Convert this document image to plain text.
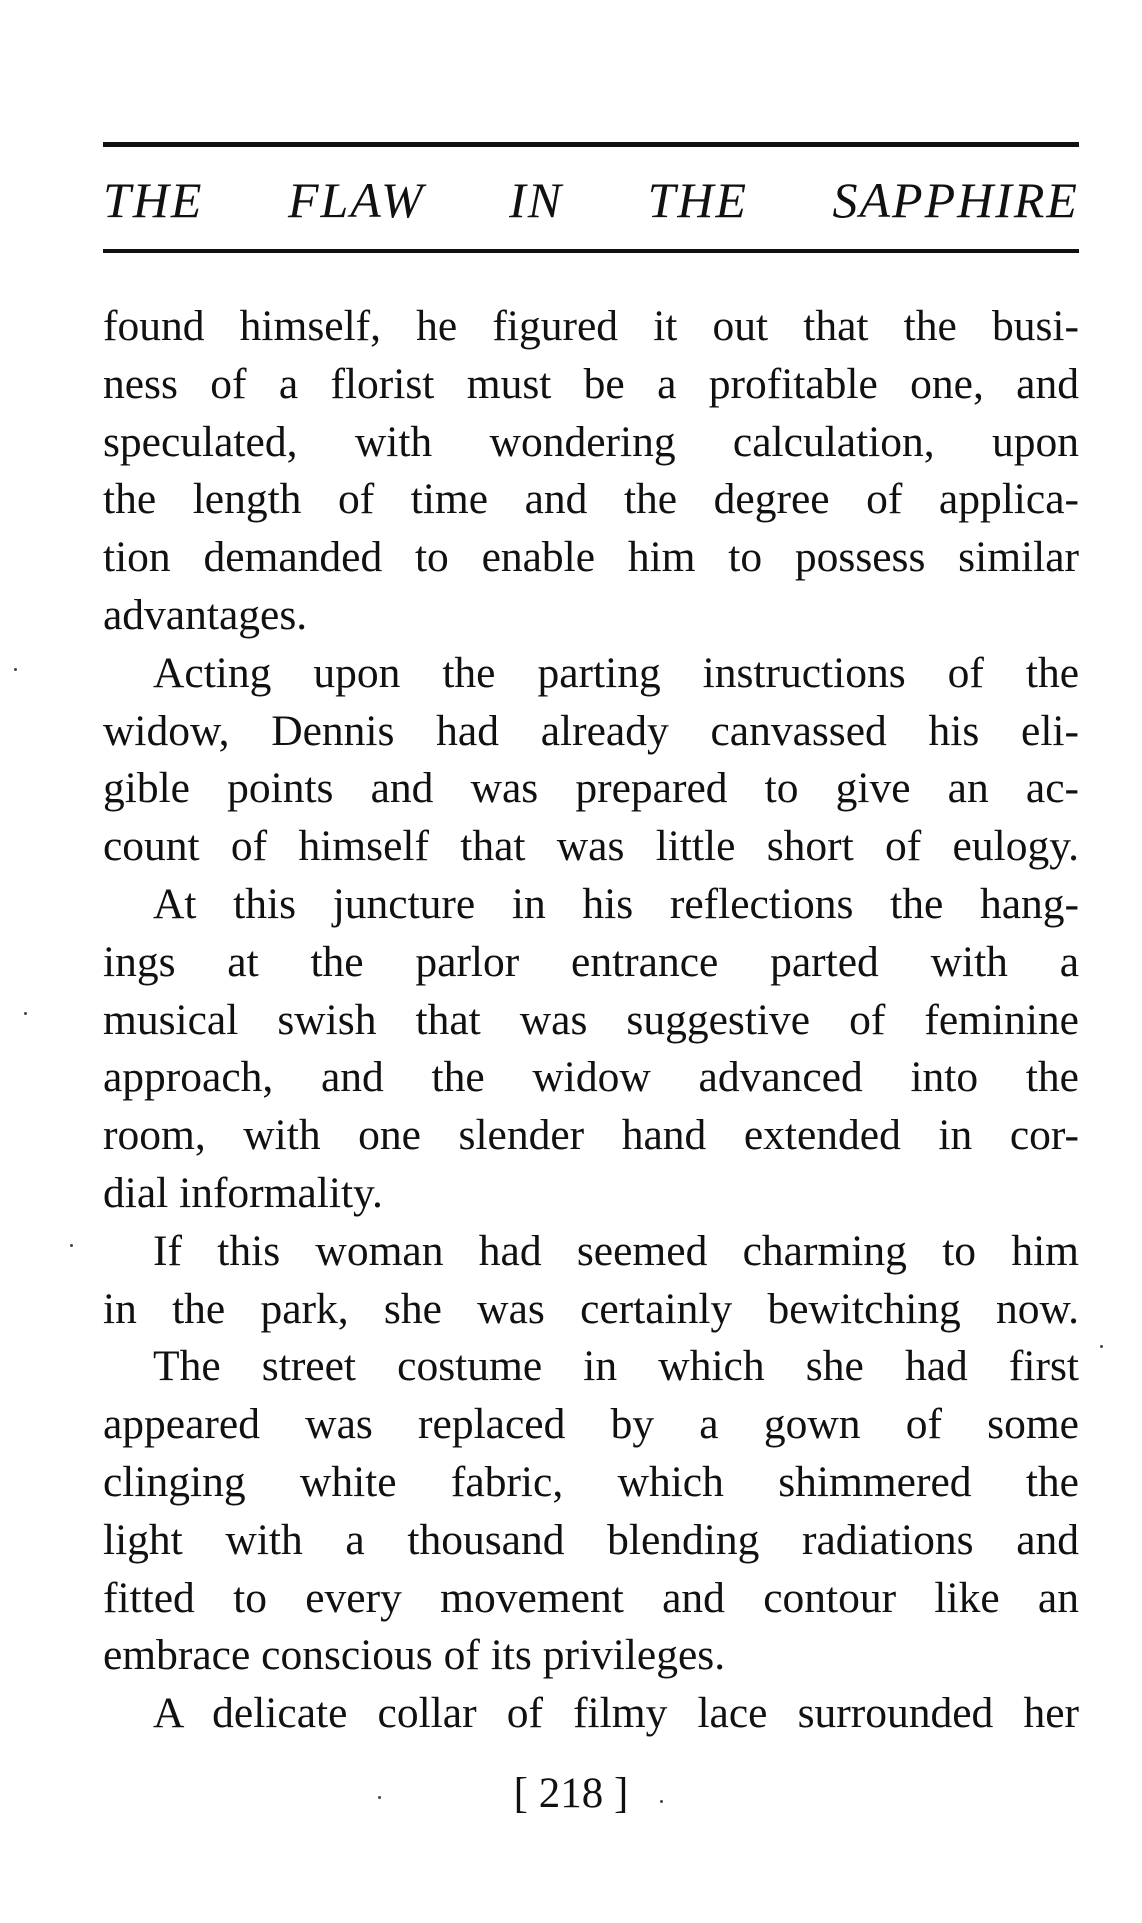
THE FLAW IN THE SAPPHIRE
found himself, he figured it out that the busi-
ness of a florist must be a profitable one, and
speculated, with wondering calculation, upon
the length of time and the degree of applica-
tion demanded to enable him to possess similar
advantages.
Acting upon the parting instructions of the
widow, Dennis had already canvassed his eli-
gible points and was prepared to give an ac-
count of himself that was little short of eulogy.
At this juncture in his reflections the hang-
ings at the parlor entrance parted with a
musical swish that was suggestive of feminine
approach, and the widow advanced into the
room, with one slender hand extended in cor-
dial informality.
If this woman had seemed charming to him
in the park, she was certainly bewitching now.
The street costume in which she had first
appeared was replaced by a gown of some
clinging white fabric, which shimmered the
light with a thousand blending radiations and
fitted to every movement and contour like an
embrace conscious of its privileges.
A delicate collar of filmy lace surrounded her
[ 218 ]
